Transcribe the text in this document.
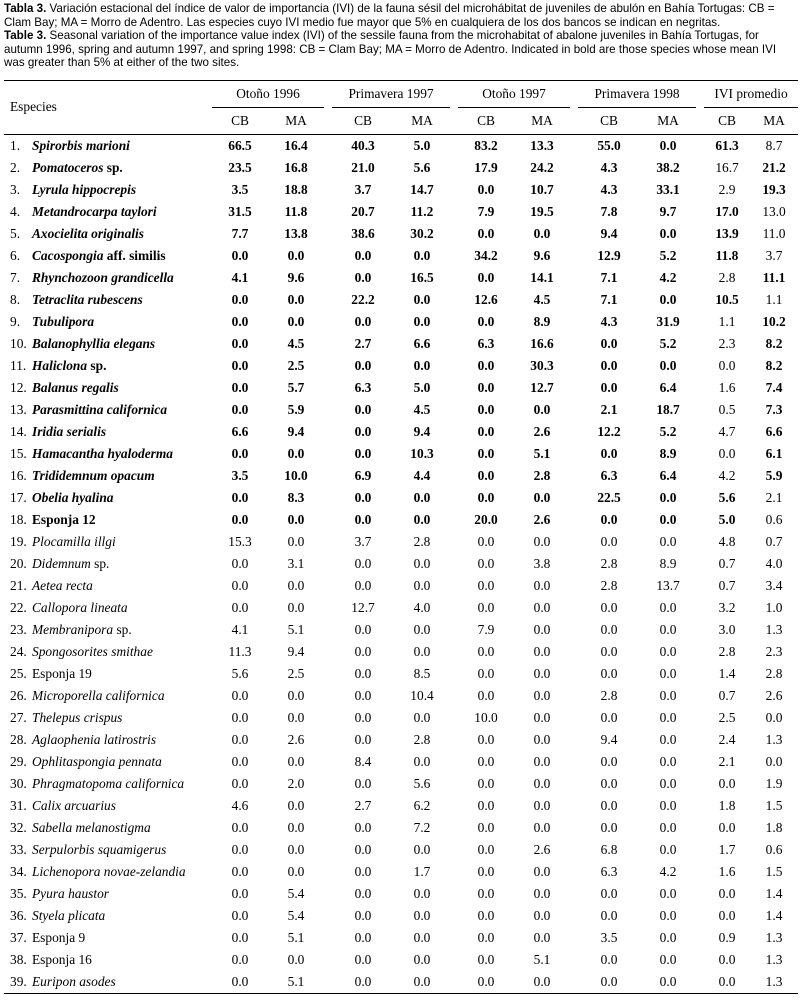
Tabla 3. Variación estacional del índice de valor de importancia (IVI) de la fauna sésil del microhábitat de juveniles de abulón en Bahía Tortugas: CB = Clam Bay; MA = Morro de Adentro. Las especies cuyo IVI medio fue mayor que 5% en cualquiera de los dos bancos se indican en negritas.
Table 3. Seasonal variation of the importance value index (IVI) of the sessile fauna from the microhabitat of abalone juveniles in Bahía Tortugas, for autumn 1996, spring and autumn 1997, and spring 1998: CB = Clam Bay; MA = Morro de Adentro. Indicated in bold are those species whose mean IVI was greater than 5% at either of the two sites.
Especies	Otoño 1996			Primavera 1997			Otoño 1997			Primavera 1998			IVI promedio	
	CB	MA		CB	MA		CB	MA		CB	MA		CB	MA
1. Spirorbis marioni	66.5	16.4		40.3	5.0		83.2	13.3		55.0	0.0		61.3	8.7
2. Pomatoceros sp.	23.5	16.8		21.0	5.6		17.9	24.2		4.3	38.2		16.7	21.2
3. Lyrula hippocrepis	3.5	18.8		3.7	14.7		0.0	10.7		4.3	33.1		2.9	19.3
4. Metandrocarpa taylori	31.5	11.8		20.7	11.2		7.9	19.5		7.8	9.7		17.0	13.0
5. Axocielita originalis	7.7	13.8		38.6	30.2		0.0	0.0		9.4	0.0		13.9	11.0
6. Cacospongia aff. similis	0.0	0.0		0.0	0.0		34.2	9.6		12.9	5.2		11.8	3.7
7. Rhynchozoon grandicella	4.1	9.6		0.0	16.5		0.0	14.1		7.1	4.2		2.8	11.1
8. Tetraclita rubescens	0.0	0.0		22.2	0.0		12.6	4.5		7.1	0.0		10.5	1.1
9. Tubulipora	0.0	0.0		0.0	0.0		0.0	8.9		4.3	31.9		1.1	10.2
10. Balanophyllia elegans	0.0	4.5		2.7	6.6		6.3	16.6		0.0	5.2		2.3	8.2
11. Haliclona sp.	0.0	2.5		0.0	0.0		0.0	30.3		0.0	0.0		0.0	8.2
12. Balanus regalis	0.0	5.7		6.3	5.0		0.0	12.7		0.0	6.4		1.6	7.4
13. Parasmittina californica	0.0	5.9		0.0	4.5		0.0	0.0		2.1	18.7		0.5	7.3
14. Iridia serialis	6.6	9.4		0.0	9.4		0.0	2.6		12.2	5.2		4.7	6.6
15. Hamacantha hyaloderma	0.0	0.0		0.0	10.3		0.0	5.1		0.0	8.9		0.0	6.1
16. Trididemnum opacum	3.5	10.0		6.9	4.4		0.0	2.8		6.3	6.4		4.2	5.9
17. Obelia hyalina	0.0	8.3		0.0	0.0		0.0	0.0		22.5	0.0		5.6	2.1
18. Esponja 12	0.0	0.0		0.0	0.0		20.0	2.6		0.0	0.0		5.0	0.6
19. Plocamilla illgi	15.3	0.0		3.7	2.8		0.0	0.0		0.0	0.0		4.8	0.7
20. Didemnum sp.	0.0	3.1		0.0	0.0		0.0	3.8		2.8	8.9		0.7	4.0
21. Aetea recta	0.0	0.0		0.0	0.0		0.0	0.0		2.8	13.7		0.7	3.4
22. Callopora lineata	0.0	0.0		12.7	4.0		0.0	0.0		0.0	0.0		3.2	1.0
23. Membranipora sp.	4.1	5.1		0.0	0.0		7.9	0.0		0.0	0.0		3.0	1.3
24. Spongosorites smithae	11.3	9.4		0.0	0.0		0.0	0.0		0.0	0.0		2.8	2.3
25. Esponja 19	5.6	2.5		0.0	8.5		0.0	0.0		0.0	0.0		1.4	2.8
26. Microporella californica	0.0	0.0		0.0	10.4		0.0	0.0		2.8	0.0		0.7	2.6
27. Thelepus crispus	0.0	0.0		0.0	0.0		10.0	0.0		0.0	0.0		2.5	0.0
28. Aglaophenia latirostris	0.0	2.6		0.0	2.8		0.0	0.0		9.4	0.0		2.4	1.3
29. Ophlitaspongia pennata	0.0	0.0		8.4	0.0		0.0	0.0		0.0	0.0		2.1	0.0
30. Phragmatopoma californica	0.0	2.0		0.0	5.6		0.0	0.0		0.0	0.0		0.0	1.9
31. Calix arcuarius	4.6	0.0		2.7	6.2		0.0	0.0		0.0	0.0		1.8	1.5
32. Sabella melanostigma	0.0	0.0		0.0	7.2		0.0	0.0		0.0	0.0		0.0	1.8
33. Serpulorbis squamigerus	0.0	0.0		0.0	0.0		0.0	2.6		6.8	0.0		1.7	0.6
34. Lichenopora novae-zelandia	0.0	0.0		0.0	1.7		0.0	0.0		6.3	4.2		1.6	1.5
35. Pyura haustor	0.0	5.4		0.0	0.0		0.0	0.0		0.0	0.0		0.0	1.4
36. Styela plicata	0.0	5.4		0.0	0.0		0.0	0.0		0.0	0.0		0.0	1.4
37. Esponja 9	0.0	5.1		0.0	0.0		0.0	0.0		3.5	0.0		0.9	1.3
38. Esponja 16	0.0	0.0		0.0	0.0		0.0	5.1		0.0	0.0		0.0	1.3
39. Euripon asodes	0.0	5.1		0.0	0.0		0.0	0.0		0.0	0.0		0.0	1.3
